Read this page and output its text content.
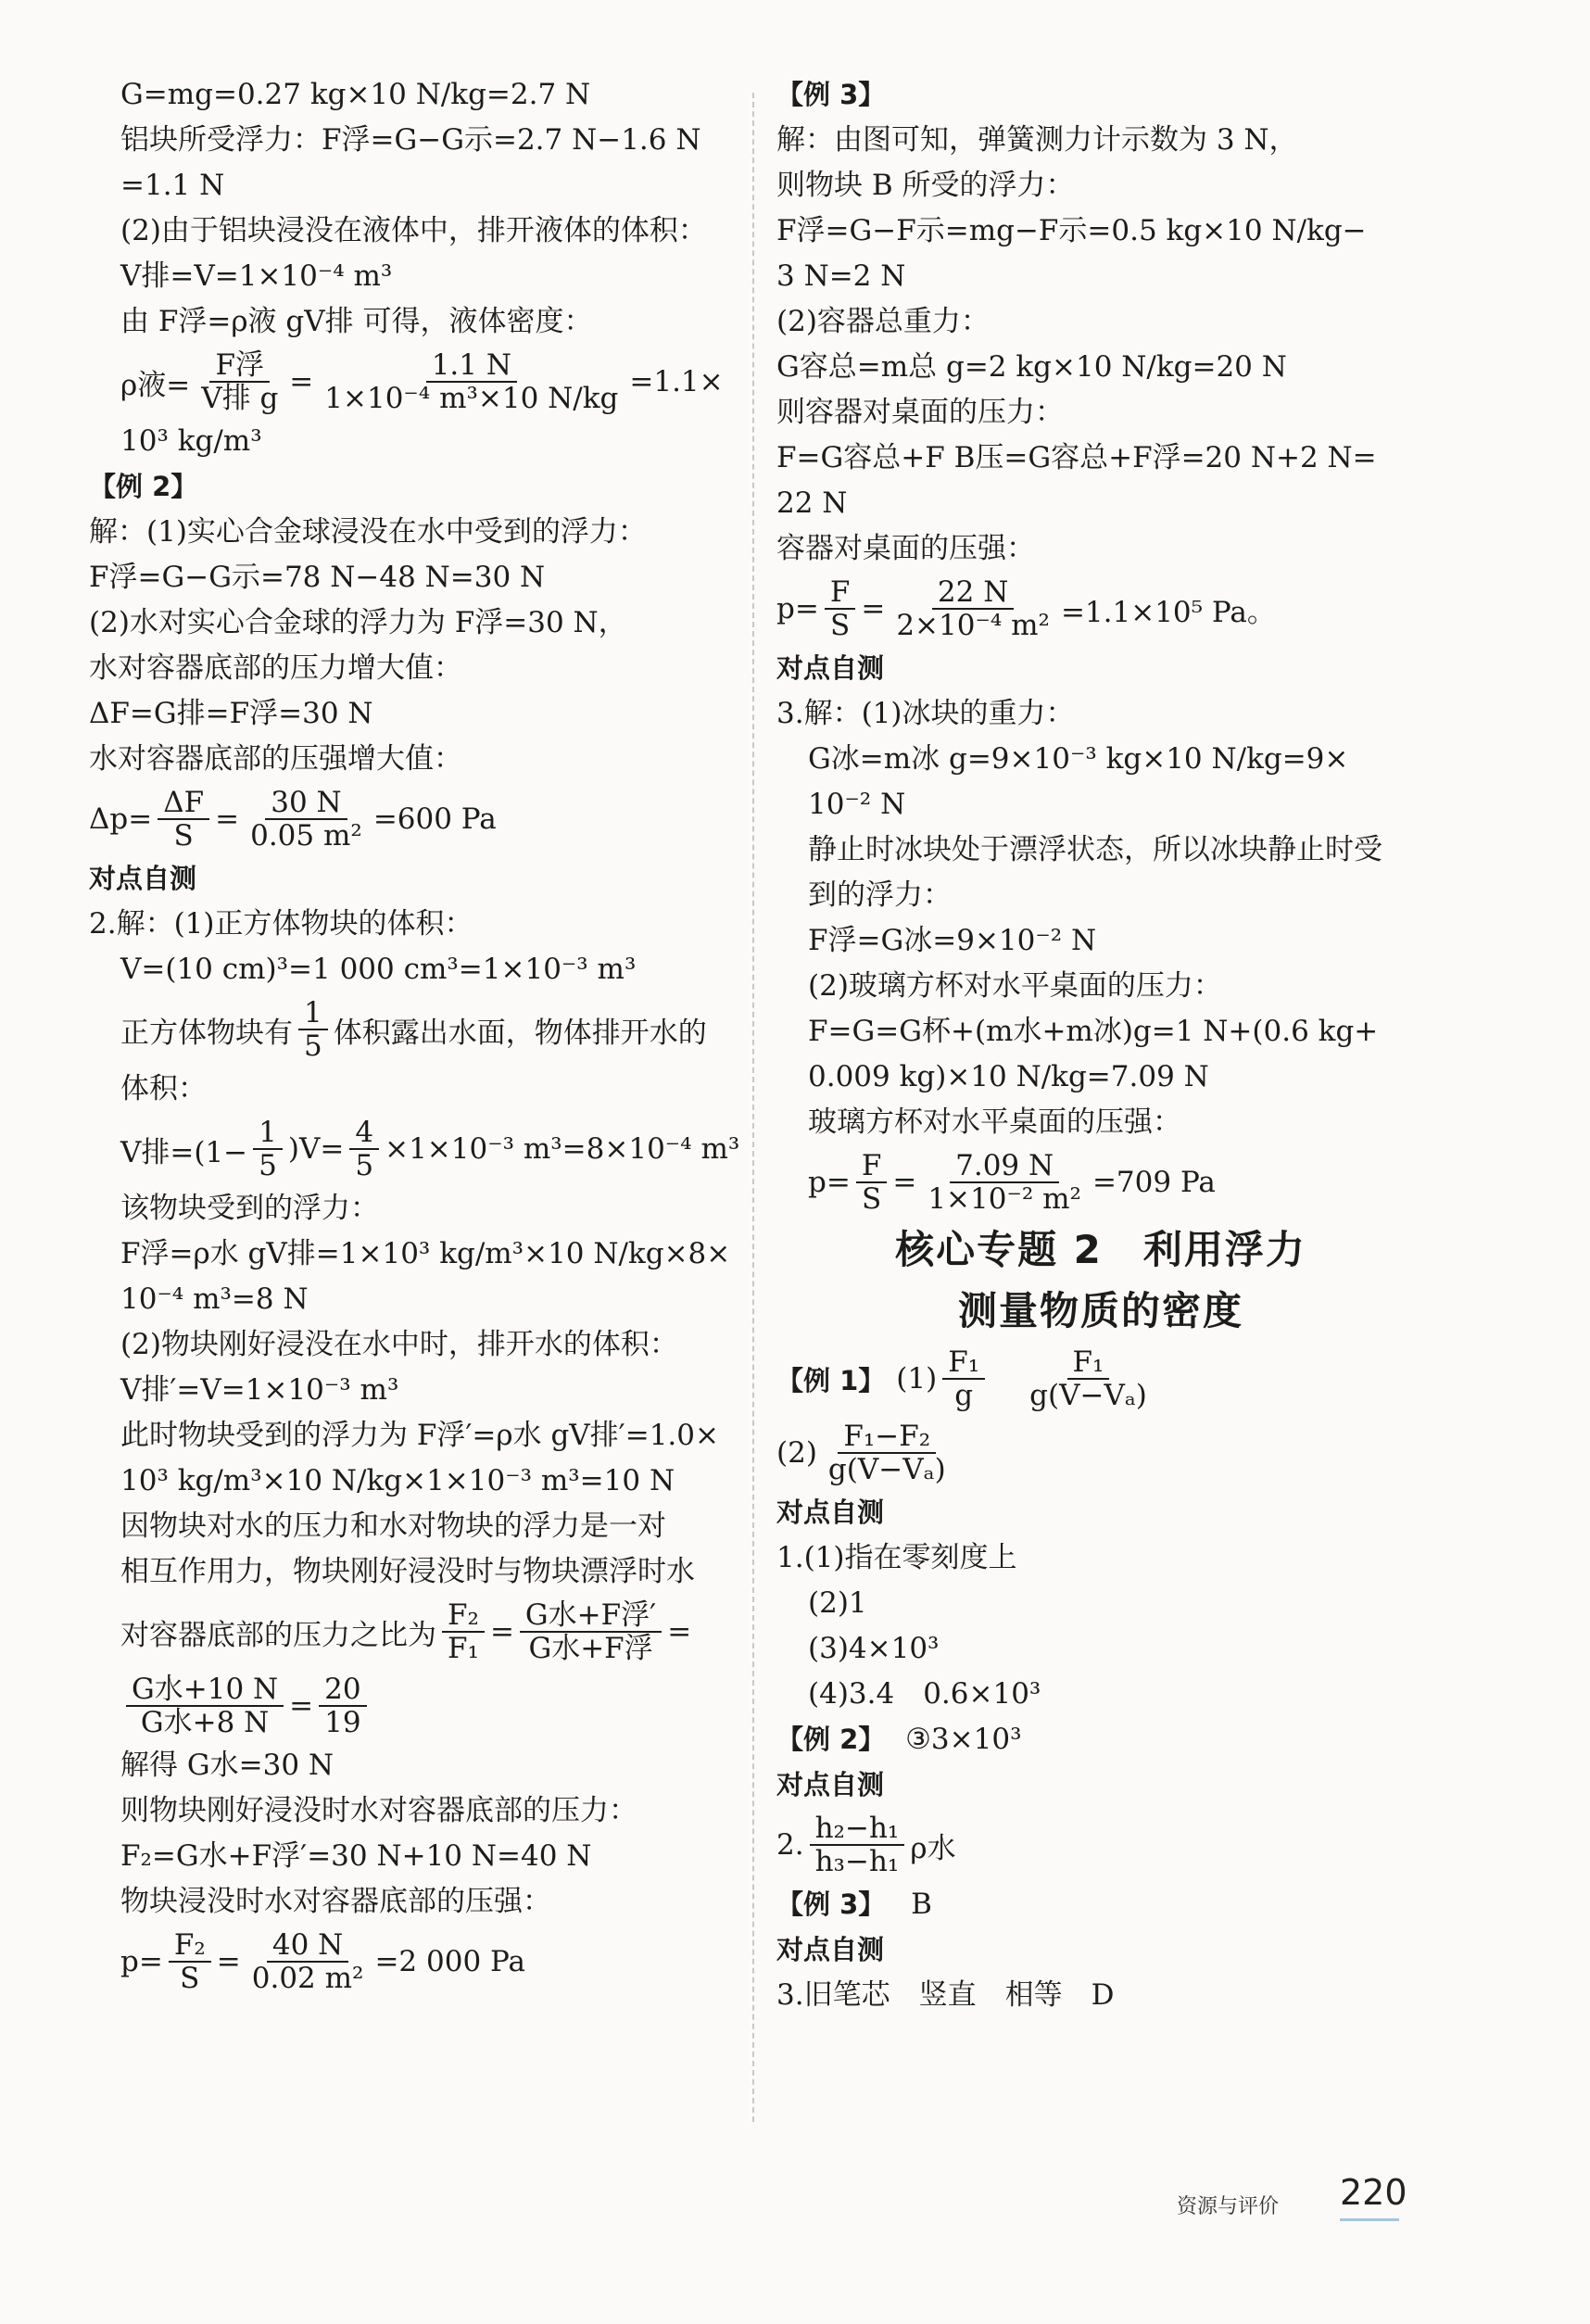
G=mg=0.27 kg×10 N/kg=2.7 N
铝块所受浮力：F浮=G−G示=2.7 N−1.6 N
=1.1 N
(2)由于铝块浸没在液体中，排开液体的体积：
V排=V=1×10⁻⁴ m³
由 F浮=ρ液 gV排 可得，液体密度：
ρ液= $\frac{\text{F浮}}{\text{V排 g}} = \frac{1.1 N}{\text{1×10⁻⁴ m³×10 N/kg}} =1.1\times$
10³ kg/m³
【例 2】
解：(1)实心合金球浸没在水中受到的浮力：
F浮=G−G示=78 N−48 N=30 N
(2)水对实心合金球的浮力为 F浮=30 N，
水对容器底部的压力增大值：
ΔF=G排=F浮=30 N
水对容器底部的压强增大值：
$\Delta p= \frac{\Delta F}{S} = \frac{30 N}{\text{0.05 m²}} =600$ Pa
对点自测
2.解：(1)正方体物块的体积：
V=(10 cm)³=1 000 cm³=1×10⁻³ m³
正方体物块有 $\frac{1}{5}$ 体积露出水面，物体排开水的
体积：
V排$=(1- \frac{1}{5} )V= \frac{4}{5} \times 1\times 10^{-3}$ m³=8×10⁻⁴ m³
该物块受到的浮力：
F浮=ρ水 gV排=1×10³ kg/m³×10 N/kg×8×
10⁻⁴ m³=8 N
(2)物块刚好浸没在水中时，排开水的体积：
V排′=V=1×10⁻³ m³
此时物块受到的浮力为 F浮′=ρ水 gV排′=1.0×
10³ kg/m³×10 N/kg×1×10⁻³ m³=10 N
因物块对水的压力和水对物块的浮力是一对
相互作用力，物块刚好浸没时与物块漂浮时水
对容器底部的压力之比为 $\frac{\text{F₂}}{\text{F₁}} = \frac{\text{G水+F浮′}}{\text{G水+F浮}}$ =
$\frac{\text{G水+10 N}}{\text{G水+8 N}} = \frac{20}{19}$
解得 G水=30 N
则物块刚好浸没时水对容器底部的压力：
F₂=G水+F浮′=30 N+10 N=40 N
物块浸没时水对容器底部的压强：
$p= \frac{\text{F₂}}{S} = \frac{40 N}{\text{0.02 m²}} =2$ 000 Pa
【例 3】
解：由图可知，弹簧测力计示数为 3 N，
则物块 B 所受的浮力：
F浮=G−F示=mg−F示=0.5 kg×10 N/kg−
3 N=2 N
(2)容器总重力：
G容总=m总 g=2 kg×10 N/kg=20 N
则容器对桌面的压力：
F=G容总+F B压=G容总+F浮=20 N+2 N=
22 N
容器对桌面的压强：
$p= \frac{F}{S} = \frac{22 N}{\text{2×10⁻⁴ m²}} =1.1\times 10^5$ Pa。
对点自测
3.解：(1)冰块的重力：
G冰=m冰 g=9×10⁻³ kg×10 N/kg=9×
10⁻² N
静止时冰块处于漂浮状态，所以冰块静止时受
到的浮力：
F浮=G冰=9×10⁻² N
(2)玻璃方杯对水平桌面的压力：
F=G=G杯+(m水+m冰)g=1 N+(0.6 kg+
0.009 kg)×10 N/kg=7.09 N
玻璃方杯对水平桌面的压强：
$p= \frac{F}{S} = \frac{7.09 N}{\text{1×10⁻² m²}} =709$ Pa
核心专题 2　利用浮力
测量物质的密度
【例 1】 $(1) \frac{\text{F₁}}{g} \frac{\text{F₁}}{\text{g(V−Vₐ)}}$
$(2) \frac{\text{F₁−F₂}}{\text{g(V−Vₐ)}}$
对点自测
1.(1)指在零刻度上
(2)1
(3)4×10³
(4)3.4　0.6×10³
【例 2】 ③3×10³
对点自测
2. $\frac{\text{h₂−h₁}}{\text{h₃−h₁}}$ ρ水
【例 3】 B
对点自测
3.旧笔芯　竖直　相等　D
资源与评价 220
